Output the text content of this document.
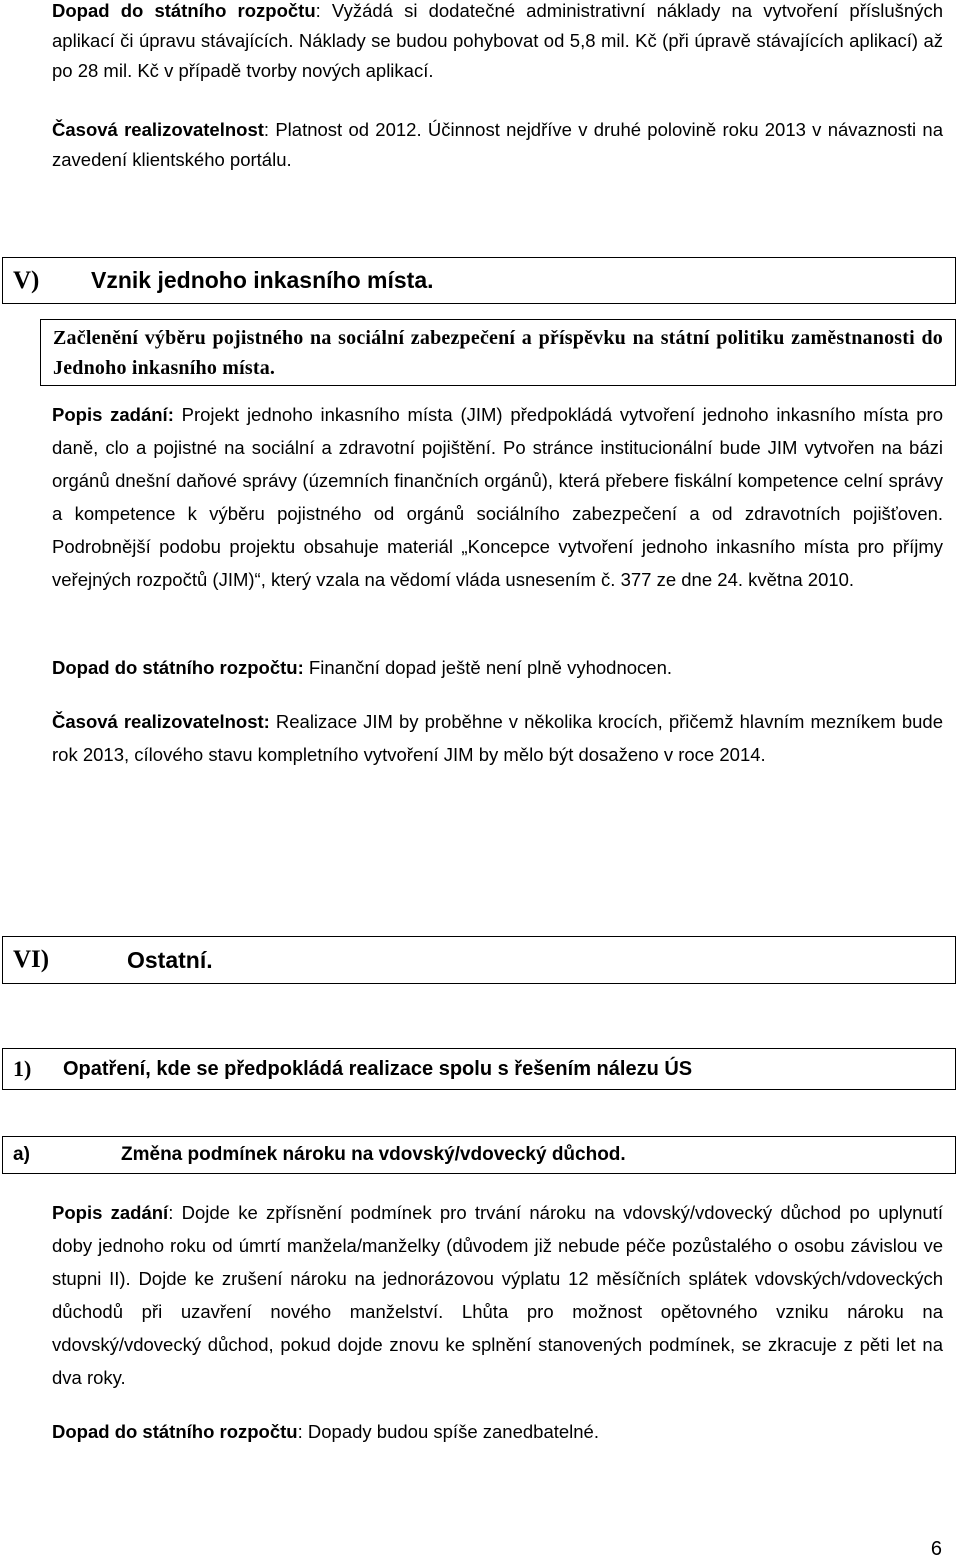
Dopad do státního rozpočtu: Vyžádá si dodatečné administrativní náklady na vytvoření příslušných aplikací či úpravu stávajících. Náklady se budou pohybovat od 5,8 mil. Kč (při úpravě stávajících aplikací) až po 28 mil. Kč v případě tvorby nových aplikací.

Časová realizovatelnost: Platnost od 2012. Účinnost nejdříve v druhé polovině roku 2013 v návaznosti na zavedení klientského portálu.

V) Vznik jednoho inkasního místa.
Začlenění výběru pojistného na sociální zabezpečení a příspěvku na státní politiku zaměstnanosti do Jednoho inkasního místa.

Popis zadání: Projekt jednoho inkasního místa (JIM) předpokládá vytvoření jednoho inkasního místa pro daně, clo a pojistné na sociální a zdravotní pojištění. Po stránce institucionální bude JIM vytvořen na bázi orgánů dnešní daňové správy (územních finančních orgánů), která přebere fiskální kompetence celní správy a kompetence k výběru pojistného od orgánů sociálního zabezpečení a od zdravotních pojišťoven. Podrobnější podobu projektu obsahuje materiál „Koncepce vytvoření jednoho inkasního místa pro příjmy veřejných rozpočtů (JIM)“, který vzala na vědomí vláda usnesením č. 377 ze dne 24. května 2010.

Dopad do státního rozpočtu: Finanční dopad ještě není plně vyhodnocen.

Časová realizovatelnost: Realizace JIM by proběhne v několika krocích, přičemž hlavním mezníkem bude rok 2013, cílového stavu kompletního vytvoření JIM by mělo být dosaženo v roce 2014.

VI)	Ostatní.
1) Opatření, kde se předpokládá realizace spolu s řešením nálezu ÚS
a)	Změna podmínek nároku na vdovský/vdovecký důchod.

Popis zadání: Dojde ke zpřísnění podmínek pro trvání nároku na vdovský/vdovecký důchod po uplynutí doby jednoho roku od úmrtí manžela/manželky (důvodem již nebude péče pozůstalého o osobu závislou ve stupni II). Dojde ke zrušení nároku na jednorázovou výplatu 12 měsíčních splátek vdovských/vdoveckých důchodů při uzavření nového manželství. Lhůta pro možnost opětovného vzniku nároku na vdovský/vdovecký důchod, pokud dojde znovu ke splnění stanovených podmínek, se zkracuje z pěti let na dva roky.

Dopad do státního rozpočtu: Dopady budou spíše zanedbatelné.

6
